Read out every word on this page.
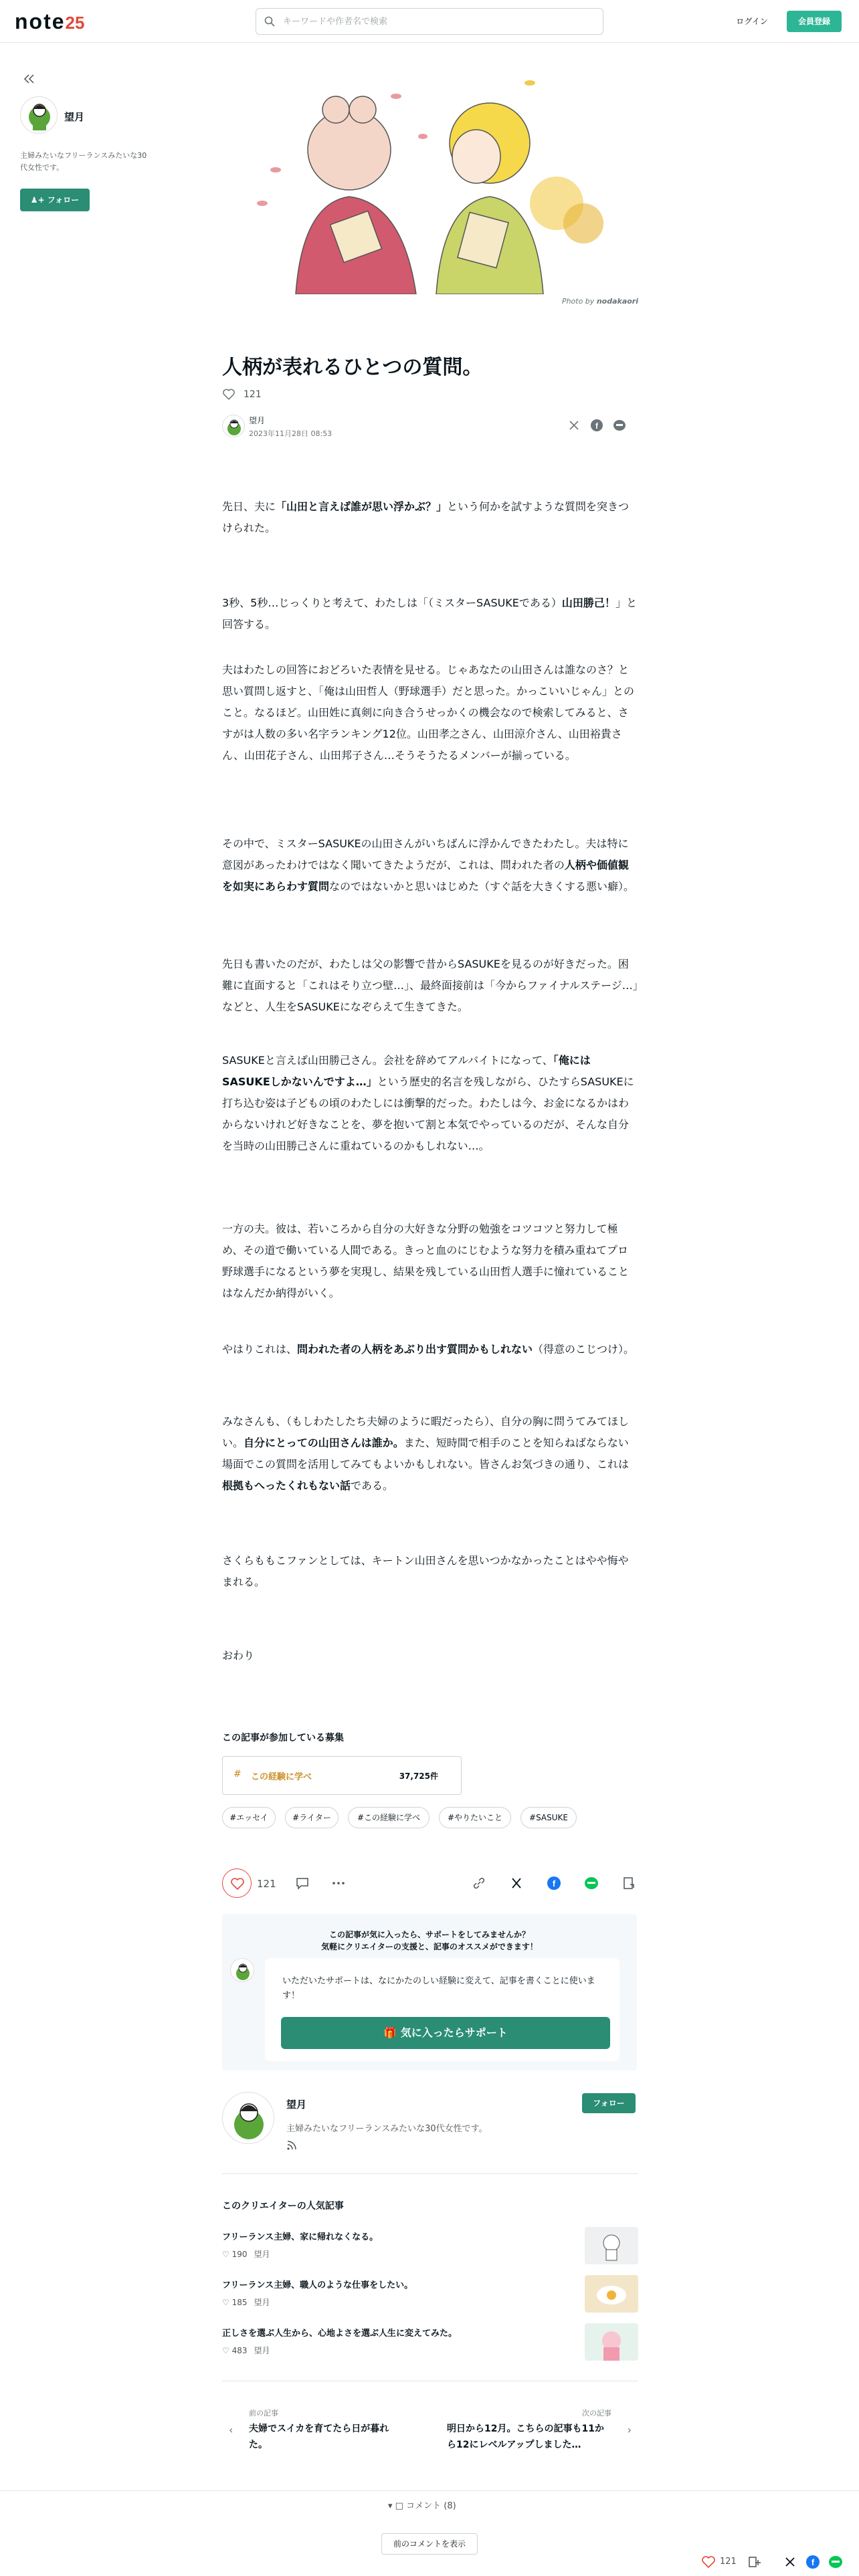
note25
キーワードや作者名で検索	ログイン	会員登録
望月
主婦みたいなフリーランスみたいな30代女性です。
♟+ フォロー
Photo by nodakaori
人柄が表れるひとつの質問。
121
望月
2023年11月28日 08:53
f

先日、夫に「山田と言えば誰が思い浮かぶ？」という何かを試すような質問を突きつけられた。

3秒、5秒…じっくりと考えて、わたしは「（ミスターSASUKEである）山田勝己！」と回答する。

夫はわたしの回答におどろいた表情を見せる。じゃあなたの山田さんは誰なのさ？と思い質問し返すと、「俺は山田哲人（野球選手）だと思った。かっこいいじゃん」とのこと。なるほど。山田姓に真剣に向き合うせっかくの機会なので検索してみると、さすがは人数の多い名字ランキング12位。山田孝之さん、山田涼介さん、山田裕貴さん、山田花子さん、山田邦子さん…そうそうたるメンバーが揃っている。

その中で、ミスターSASUKEの山田さんがいちばんに浮かんできたわたし。夫は特に意図があったわけではなく聞いてきたようだが、これは、問われた者の人柄や価値観を如実にあらわす質問なのではないかと思いはじめた（すぐ話を大きくする悪い癖）。

先日も書いたのだが、わたしは父の影響で昔からSASUKEを見るのが好きだった。困難に直面すると「これはそり立つ壁…」、最終面接前は「今からファイナルステージ…」などと、人生をSASUKEになぞらえて生きてきた。

SASUKEと言えば山田勝己さん。会社を辞めてアルバイトになって、「俺にはSASUKEしかないんですよ…」という歴史的名言を残しながら、ひたすらSASUKEに打ち込む姿は子どもの頃のわたしには衝撃的だった。わたしは今、お金になるかはわからないけれど好きなことを、夢を抱いて割と本気でやっているのだが、そんな自分を当時の山田勝己さんに重ねているのかもしれない…。

一方の夫。彼は、若いころから自分の大好きな分野の勉強をコツコツと努力して極め、その道で働いている人間である。きっと血のにじむような努力を積み重ねてプロ野球選手になるという夢を実現し、結果を残している山田哲人選手に憧れていることはなんだか納得がいく。

やはりこれは、問われた者の人柄をあぶり出す質問かもしれない（得意のこじつけ）。

みなさんも、（もしわたしたち夫婦のように暇だったら）、自分の胸に問うてみてほしい。自分にとっての山田さんは誰か。また、短時間で相手のことを知らねばならない場面でこの質問を活用してみてもよいかもしれない。皆さんお気づきの通り、これは根拠もへったくれもない話である。

さくらももこファンとしては、キートン山田さんを思いつかなかったことはやや悔やまれる。

おわり

この記事が参加している募集
# この経験に学べ	37,725件
#エッセイ	#ライター	#この経験に学べ	#やりたいこと	#SASUKE
121	f
この記事が気に入ったら、サポートをしてみませんか？
気軽にクリエイターの支援と、記事のオススメができます！

いただいたサポートは、なにかたのしい経験に変えて、記事を書くことに使います！

🎁 気に入ったらサポート
望月
主婦みたいなフリーランスみたいな30代女性です。
フォロー
このクリエイターの人気記事
フリーランス主婦、家に帰れなくなる。
♡ 190 望月
フリーランス主婦、職人のような仕事をしたい。
♡ 185 望月
正しさを選ぶ人生から、心地よさを選ぶ人生に変えてみた。
♡ 483 望月
‹
前の記事
夫婦でスイカを育てたら日が暮れた。
次の記事
明日から12月。こちらの記事も11から12にレベルアップしました…
›
▾ □ コメント (8)
前のコメントを表示
121	f
